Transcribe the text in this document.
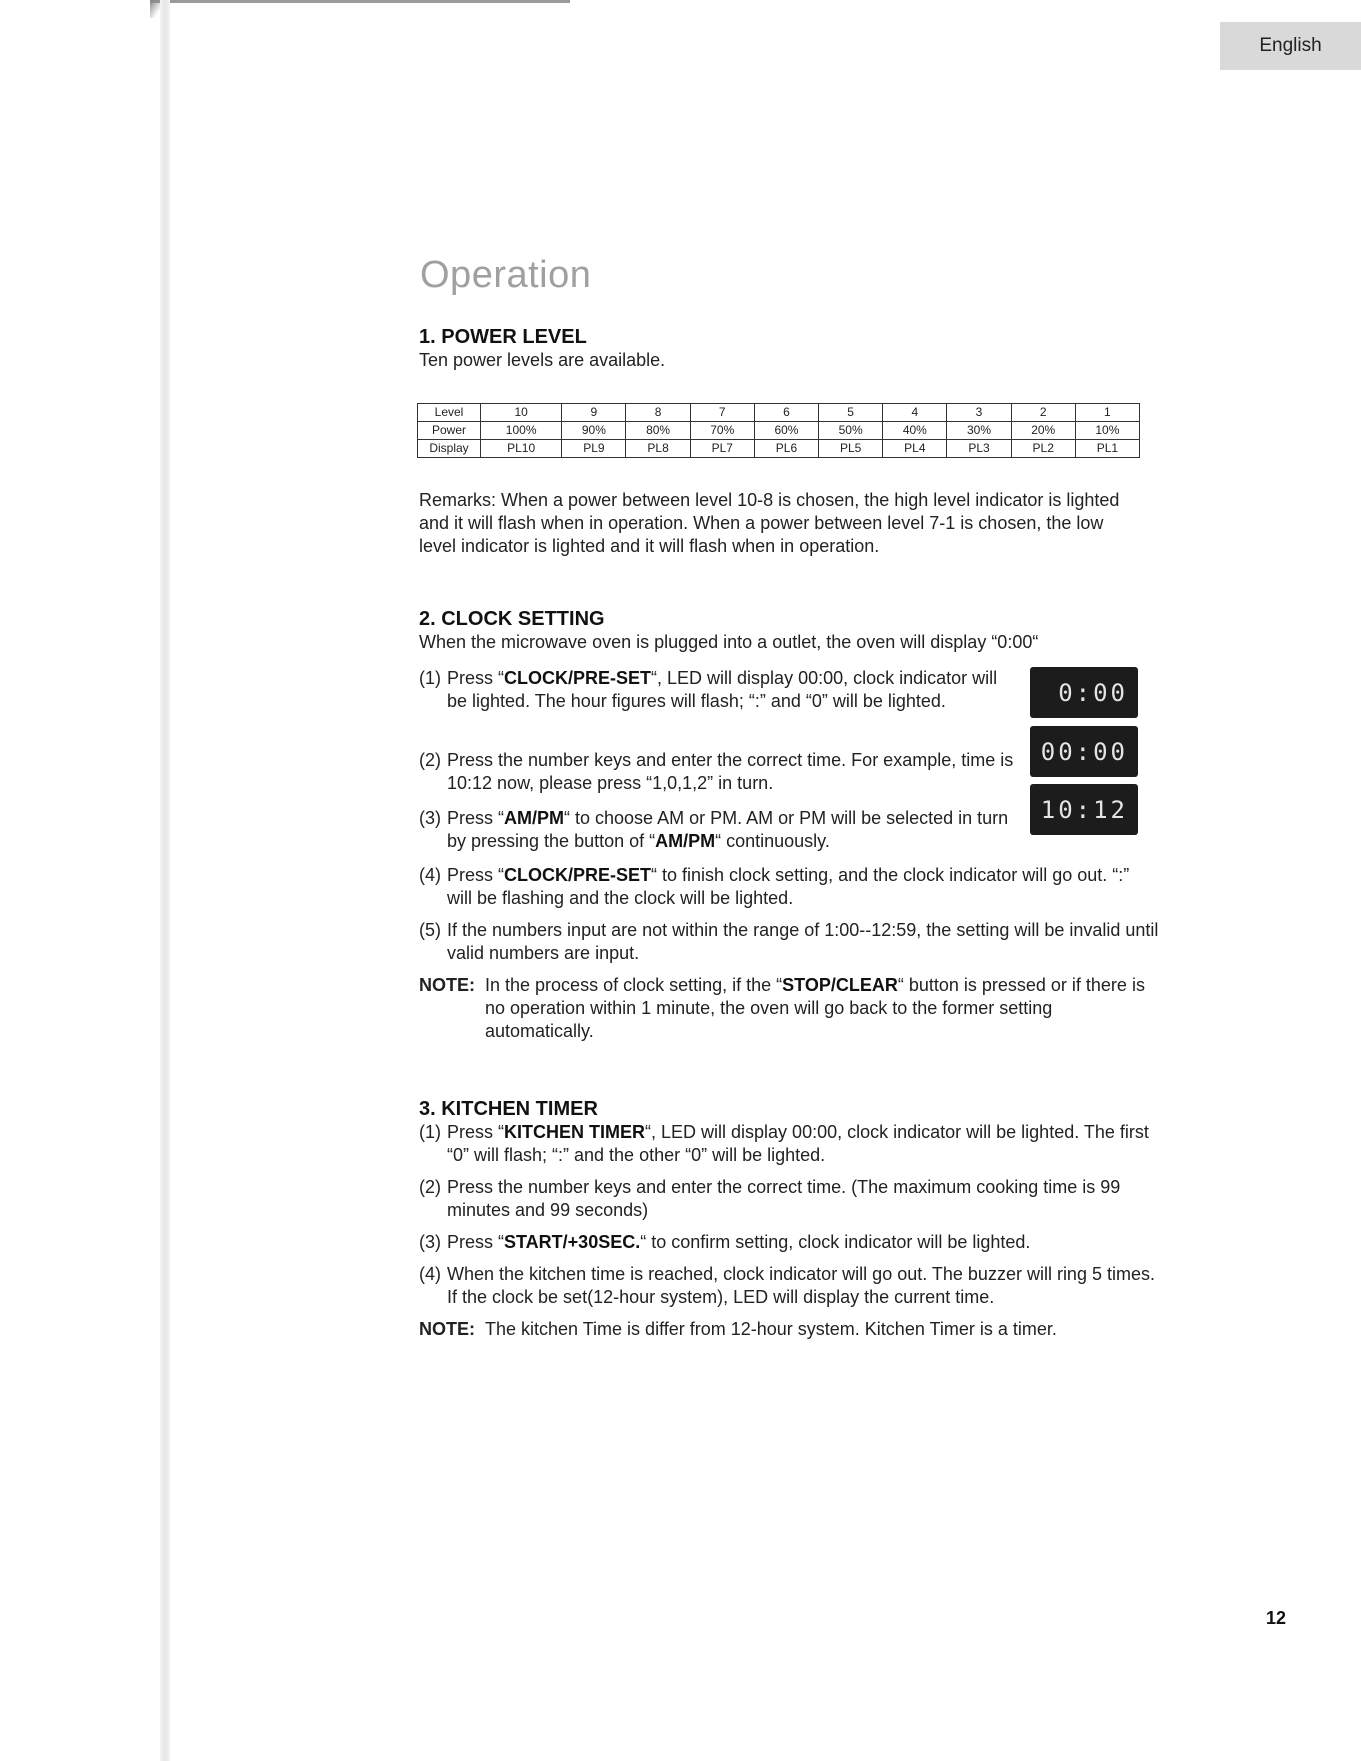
English
Operation
1. POWER LEVEL

Ten power levels are available.

Level	10	9	8	7	6	5	4	3	2	1
Power	100%	90%	80%	70%	60%	50%	40%	30%	20%	10%
Display	PL10	PL9	PL8	PL7	PL6	PL5	PL4	PL3	PL2	PL1

Remarks: When a power between level 10-8 is chosen, the high level indicator is lighted and it will flash when in operation. When a power between level 7-1 is chosen, the low level indicator is lighted and it will flash when in operation.

2. CLOCK SETTING

When the microwave oven is plugged into a outlet, the oven will display “0:00“

(1) Press “CLOCK/PRE-SET“, LED will display 00:00, clock indicator will be lighted. The hour figures will flash; “:” and “0” will be lighted.
(2) Press the number keys and enter the correct time. For example, time is 10:12 now, please press “1,0,1,2” in turn.
(3) Press “AM/PM“ to choose AM or PM. AM or PM will be selected in turn by pressing the button of “AM/PM“ continuously.
(4) Press “CLOCK/PRE-SET“ to finish clock setting, and the clock indicator will go out. “:” will be flashing and the clock will be lighted.
(5) If the numbers input are not within the range of 1:00--12:59, the setting will be invalid until valid numbers are input.
NOTE: In the process of clock setting, if the “STOP/CLEAR“ button is pressed or if there is no operation within 1 minute, the oven will go back to the former setting automatically.
0:00
00:00
10:12
3. KITCHEN TIMER
(1) Press “KITCHEN TIMER“, LED will display 00:00, clock indicator will be lighted. The first “0” will flash; “:” and the other “0” will be lighted.
(2) Press the number keys and enter the correct time. (The maximum cooking time is 99 minutes and 99 seconds)
(3) Press “START/+30SEC.“ to confirm setting, clock indicator will be lighted.
(4) When the kitchen time is reached, clock indicator will go out. The buzzer will ring 5 times. If the clock be set(12-hour system), LED will display the current time.
NOTE: The kitchen Time is differ from 12-hour system. Kitchen Timer is a timer.
12
